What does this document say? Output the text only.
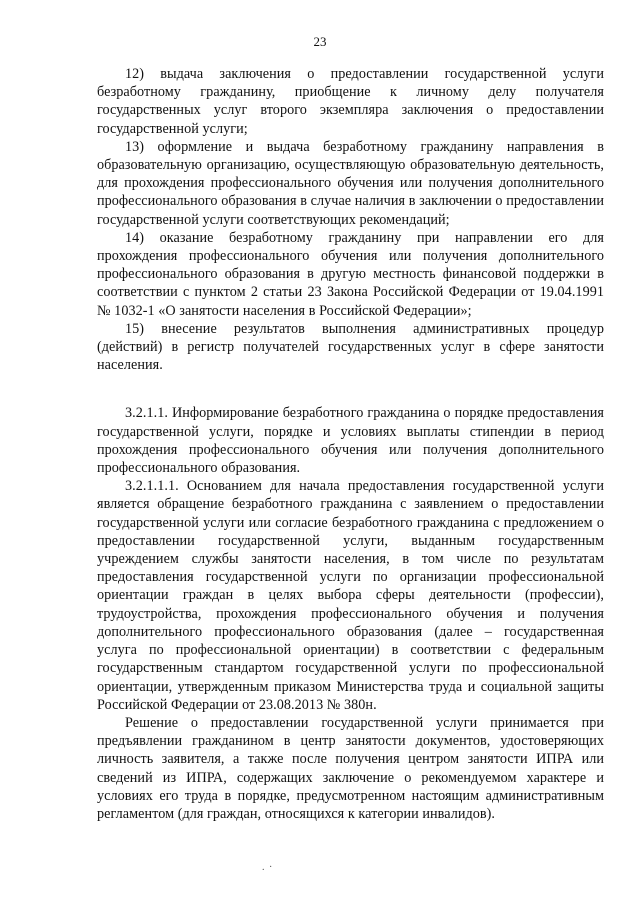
23

12) выдача заключения о предоставлении государственной услуги безработному гражданину, приобщение к личному делу получателя государственных услуг второго экземпляра заключения о предоставлении государственной услуги;

13) оформление и выдача безработному гражданину направления в образовательную организацию, осуществляющую образовательную деятельность, для прохождения профессионального обучения или получения дополнительного профессионального образования в случае наличия в заключении о предоставлении государственной услуги соответствующих рекомендаций;

14) оказание безработному гражданину при направлении его для прохождения профессионального обучения или получения дополнительного профессионального образования в другую местность финансовой поддержки в соответствии с пунктом 2 статьи 23 Закона Российской Федерации от 19.04.1991 № 1032-1 «О занятости населения в Российской Федерации»;

15) внесение результатов выполнения административных процедур (действий) в регистр получателей государственных услуг в сфере занятости населения.

3.2.1.1. Информирование безработного гражданина о порядке предоставления государственной услуги, порядке и условиях выплаты стипендии в период прохождения профессионального обучения или получения дополнительного профессионального образования.

3.2.1.1.1. Основанием для начала предоставления государственной услуги является обращение безработного гражданина с заявлением о предоставлении государственной услуги или согласие безработного гражданина с предложением о предоставлении государственной услуги, выданным государственным учреждением службы занятости населения, в том числе по результатам предоставления государственной услуги по организации профессиональной ориентации граждан в целях выбора сферы деятельности (профессии), трудоустройства, прохождения профессионального обучения и получения дополнительного профессионального образования (далее – государственная услуга по профессиональной ориентации) в соответствии с федеральным государственным стандартом государственной услуги по профессиональной ориентации, утвержденным приказом Министерства труда и социальной защиты Российской Федерации от 23.08.2013 № 380н.

Решение о предоставлении государственной услуги принимается при предъявлении гражданином в центр занятости документов, удостоверяющих личность заявителя, а также после получения центром занятости ИПРА или сведений из ИПРА, содержащих заключение о рекомендуемом характере и условиях его труда в порядке, предусмотренном настоящим административным регламентом (для граждан, относящихся к категории инвалидов).

. ·
